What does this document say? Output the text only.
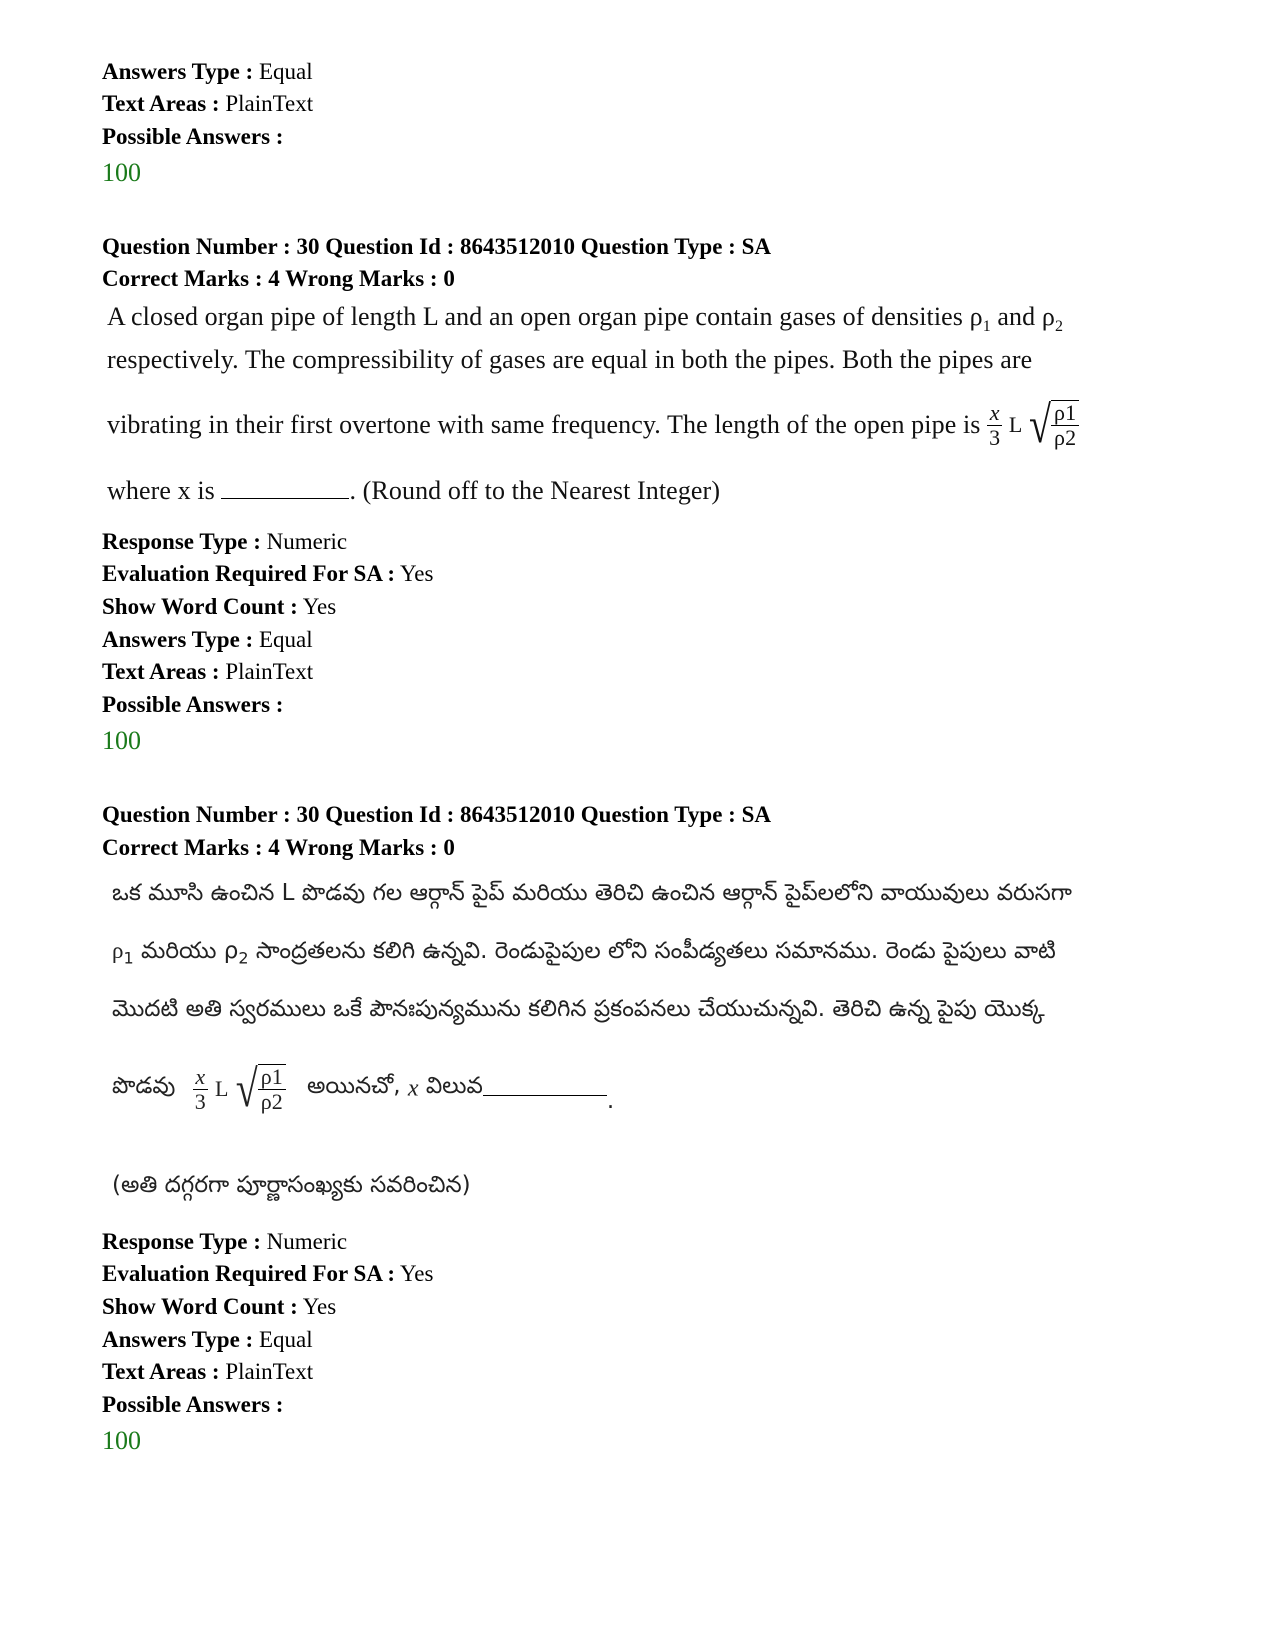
Answers Type : Equal
Text Areas : PlainText
Possible Answers :
100
Question Number : 30 Question Id : 8643512010 Question Type : SA
Correct Marks : 4 Wrong Marks : 0
A closed organ pipe of length L and an open organ pipe contain gases of densities $\rho_1$ and $\rho_2$
respectively. The compressibility of gases are equal in both the pipes. Both the pipes are
vibrating in their first overtone with same frequency. The length of the open pipe is $\frac{x}{3}$ L √ $\frac{\rho 1}{\rho 2}$
where x is	. (Round off to the Nearest Integer)
Response Type : Numeric
Evaluation Required For SA : Yes
Show Word Count : Yes
Answers Type : Equal
Text Areas : PlainText
Possible Answers :
100
Question Number : 30 Question Id : 8643512010 Question Type : SA
Correct Marks : 4 Wrong Marks : 0
ఒక మూసి ఉంచిన L పొడవు గల ఆర్గాన్ పైప్ మరియు తెరిచి ఉంచిన ఆర్గాన్ పైప్‌లలోని వాయువులు వరుసగా
$\rho_1$ మరియు $\rho_2$ సాంద్రతలను కలిగి ఉన్నవి. రెండుపైపుల లోని సంపీడ్యతలు సమానము. రెండు పైపులు వాటి
మొదటి అతి స్వరములు ఒకే పౌనఃపున్యమును కలిగిన ప్రకంపనలు చేయుచున్నవి. తెరిచి ఉన్న పైపు యొక్క
పొడవు $\frac{x}{3}$ L √ $\frac{\rho 1}{\rho 2}$ అయినచో, x విలువ.
(అతి దగ్గరగా పూర్ణాసంఖ్యకు సవరించిన)
Response Type : Numeric
Evaluation Required For SA : Yes
Show Word Count : Yes
Answers Type : Equal
Text Areas : PlainText
Possible Answers :
100
